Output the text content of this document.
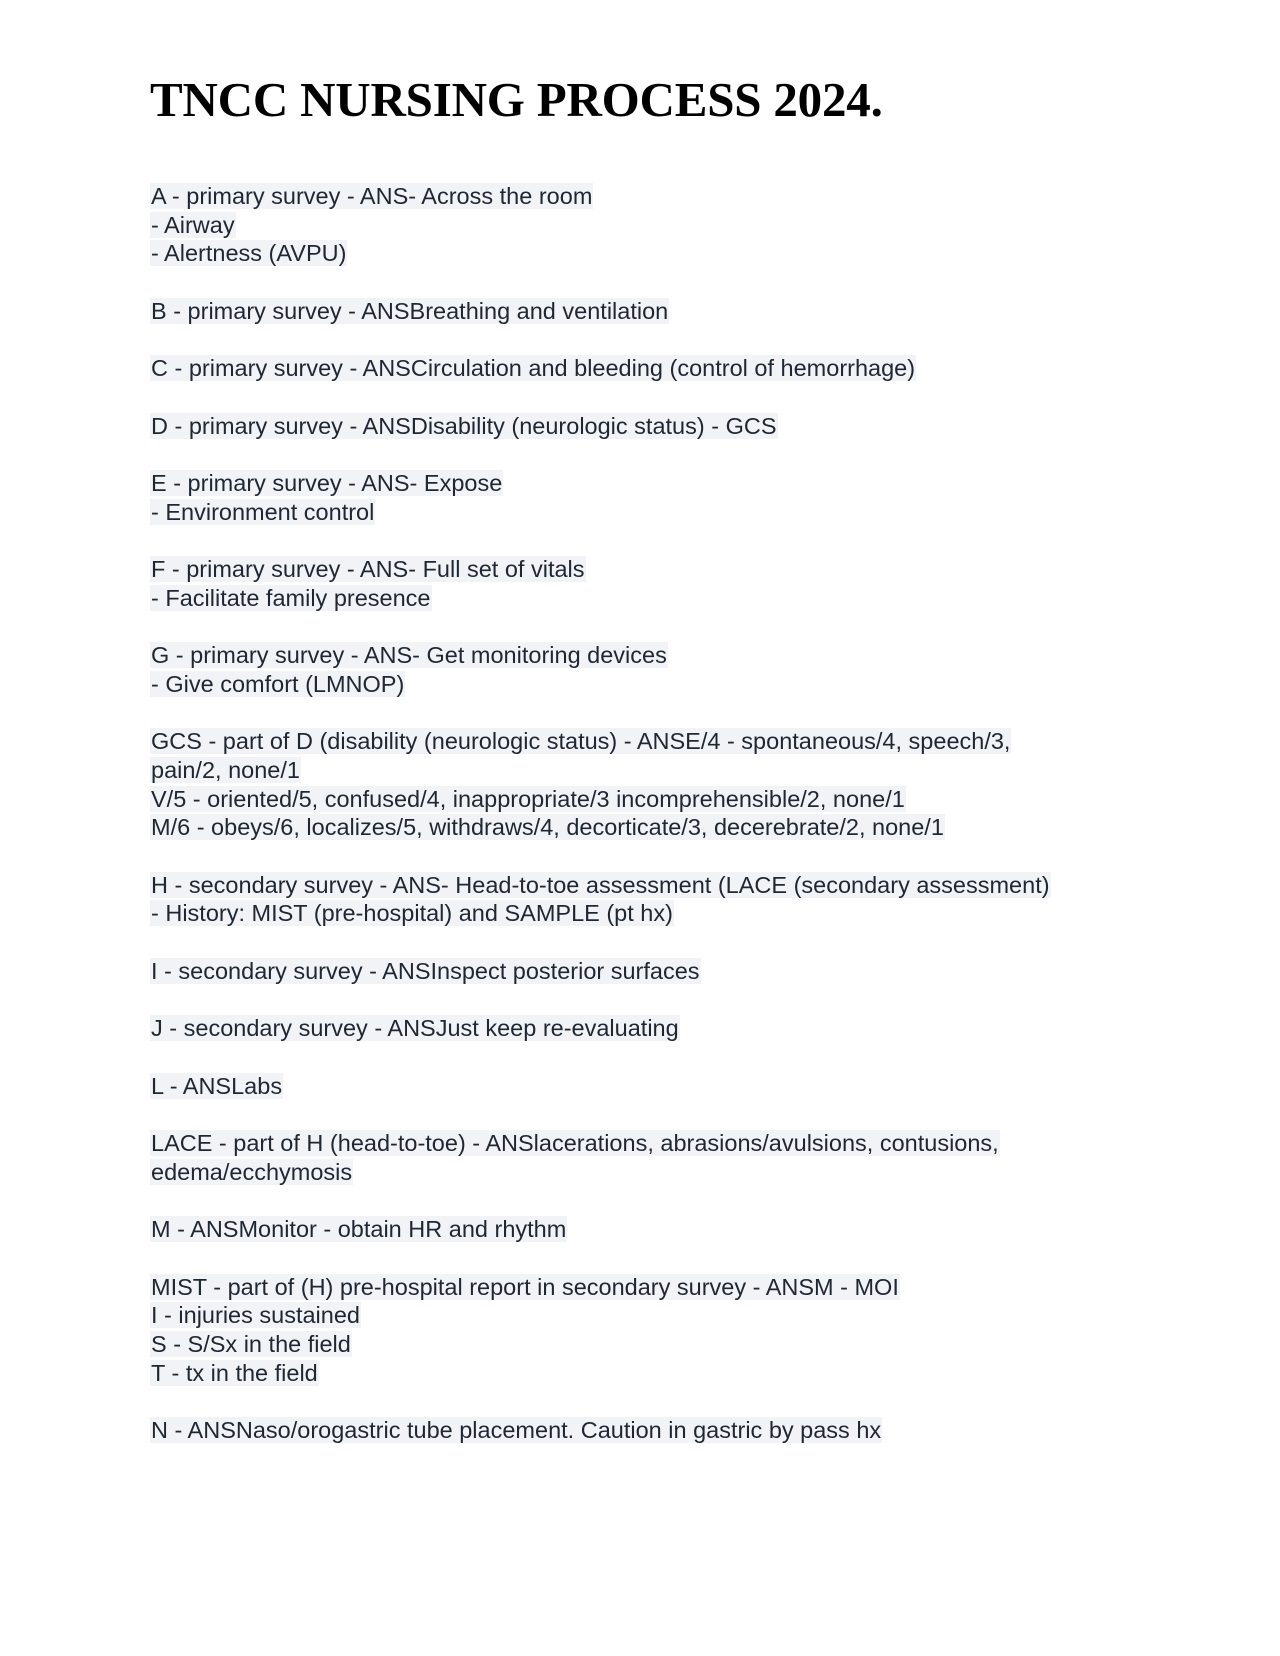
TNCC NURSING PROCESS 2024.
A - primary survey - ANS- Across the room
- Airway
- Alertness (AVPU)
B - primary survey - ANSBreathing and ventilation
C - primary survey - ANSCirculation and bleeding (control of hemorrhage)
D - primary survey - ANSDisability (neurologic status) - GCS
E - primary survey - ANS- Expose
- Environment control
F - primary survey - ANS- Full set of vitals
- Facilitate family presence
G - primary survey - ANS- Get monitoring devices
- Give comfort (LMNOP)
GCS - part of D (disability (neurologic status) - ANSE/4 - spontaneous/4, speech/3,
pain/2, none/1
V/5 - oriented/5, confused/4, inappropriate/3 incomprehensible/2, none/1
M/6 - obeys/6, localizes/5, withdraws/4, decorticate/3, decerebrate/2, none/1
H - secondary survey - ANS- Head-to-toe assessment (LACE (secondary assessment)
- History: MIST (pre-hospital) and SAMPLE (pt hx)
I - secondary survey - ANSInspect posterior surfaces
J - secondary survey - ANSJust keep re-evaluating
L - ANSLabs
LACE - part of H (head-to-toe) - ANSlacerations, abrasions/avulsions, contusions,
edema/ecchymosis
M - ANSMonitor - obtain HR and rhythm
MIST - part of (H) pre-hospital report in secondary survey - ANSM - MOI
I - injuries sustained
S - S/Sx in the field
T - tx in the field
N - ANSNaso/orogastric tube placement. Caution in gastric by pass hx
